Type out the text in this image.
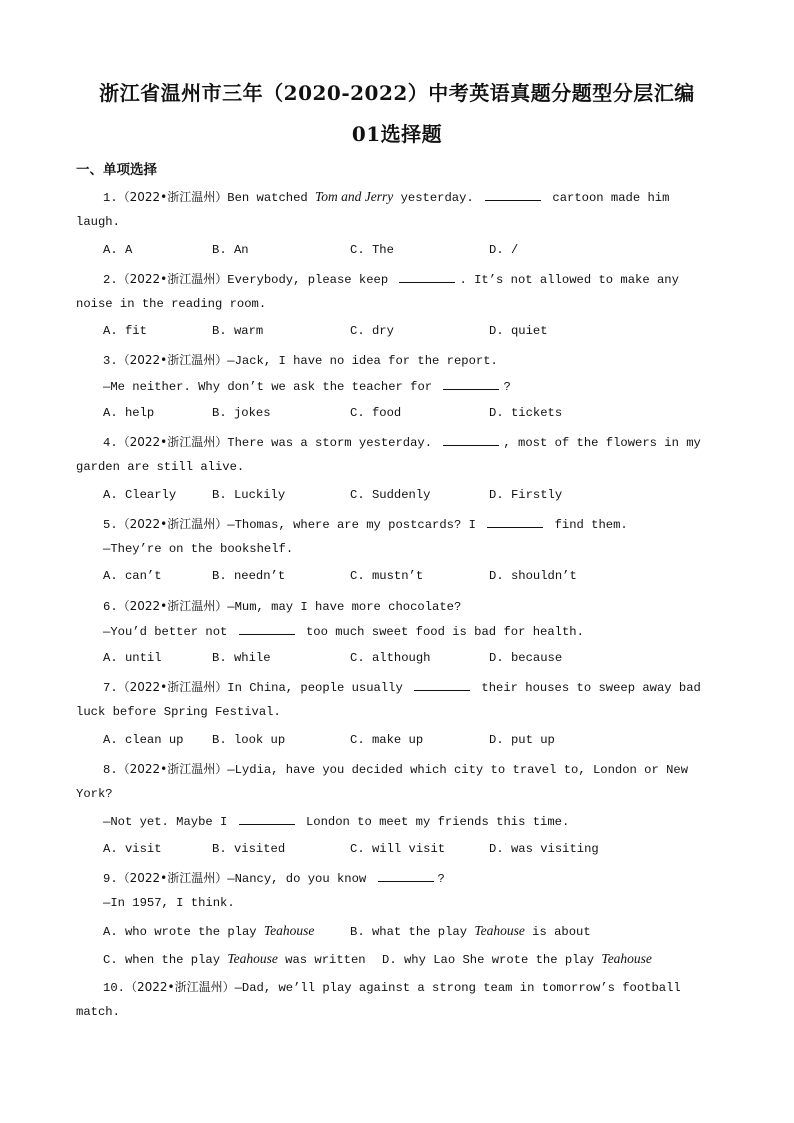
浙江省温州市三年（2020-2022）中考英语真题分题型分层汇编
01选择题
一、单项选择
1.（2022•浙江温州）Ben watched Tom and Jerry yesterday.	cartoon made him
laugh.
A. A	B. An	C. The	D. /
2.（2022•浙江温州）Everybody, please keep	. It’s not allowed to make any
noise in the reading room.
A. fit	B. warm	C. dry	D. quiet
3.（2022•浙江温州）—Jack, I have no idea for the report.
—Me neither. Why don’t we ask the teacher for	?
A. help	B. jokes	C. food	D. tickets
4.（2022•浙江温州）There was a storm yesterday.	, most of the flowers in my
garden are still alive.
A. Clearly	B. Luckily	C. Suddenly	D. Firstly
5.（2022•浙江温州）—Thomas, where are my postcards? I	find them.
—They’re on the bookshelf.
A. can’t	B. needn’t	C. mustn’t	D. shouldn’t
6.（2022•浙江温州）—Mum, may I have more chocolate?
—You’d better not	too much sweet food is bad for health.
A. until	B. while	C. although	D. because
7.（2022•浙江温州）In China, people usually	their houses to sweep away bad
luck before Spring Festival.
A. clean up B. look up	C. make up	D. put up
8.（2022•浙江温州）—Lydia, have you decided which city to travel to, London or New
York?
—Not yet. Maybe I	London to meet my friends this time.
A. visit	B. visited	C. will visit	D. was visiting
9.（2022•浙江温州）—Nancy, do you know	?
—In 1957, I think.
A. who wrote the play Teahouse	B. what the play Teahouse is about
C. when the play Teahouse was written D. why Lao She wrote the play Teahouse
10.（2022•浙江温州）—Dad, we’ll play against a strong team in tomorrow’s football
match.
